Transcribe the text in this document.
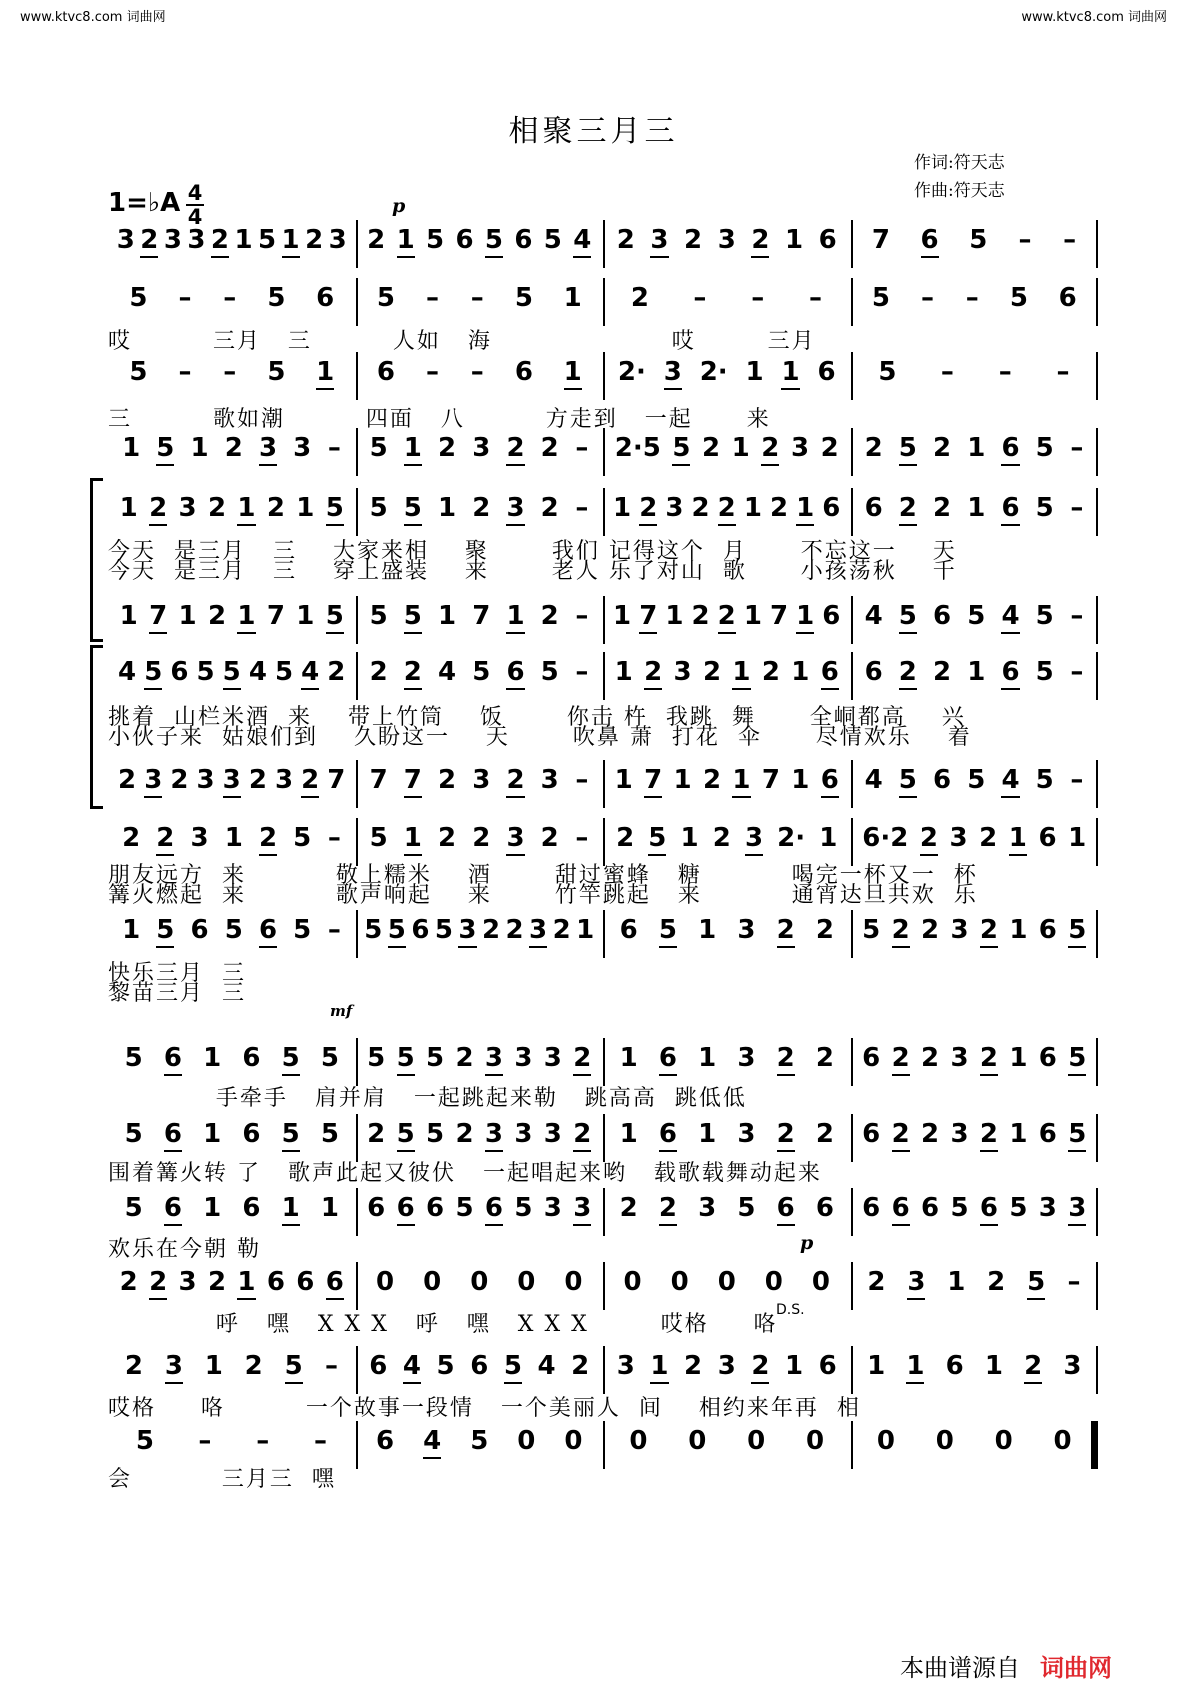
www.ktvc8.com 词曲网	www.ktvc8.com 词曲网
相聚三月三
作词:符天志
作曲:符天志
1=♭A 4
4	p
mf
p
D.S.
3 2 3 3 2 1 5 1 2 3 2 1 5 6 5 6 5 4 2 3 2 3 2 1 6 7 6 5 – –
5 – – 5 6 5 – – 5 1 2 – – – 5 – – 5 6
5 – – 5 1 6 – – 6 1 2· 3 2· 1 1 6 5 – – –
1 5 1 2 3 3 – 5 1 2 3 2 2 – 2·5 5 2 1 2 3 2 2 5 2 1 6 5 –
1 2 3 2 1 2 1 5 5 5 1 2 3 2 – 1 2 3 2 2 1 2 1 6 6 2 2 1 6 5 –
1 7 1 2 1 7 1 5 5 5 1 7 1 2 – 1 7 1 2 2 1 7 1 6 4 5 6 5 4 5 –
4 5 6 5 5 4 5 4 2 2 2 4 5 6 5 – 1 2 3 2 1 2 1 6 6 2 2 1 6 5 –
2 3 2 3 3 2 3 2 7 7 7 2 3 2 3 – 1 7 1 2 1 7 1 6 4 5 6 5 4 5 –
2 2 3 1 2 5 – 5 1 2 2 3 2 – 2 5 1 2 3 2· 1 6·2 2 3 2 1 6 1
1 5 6 5 6 5 – 5 5 6 5 3 2 2 3 2 1 6 5 1 3 2 2 5 2 2 3 2 1 6 5
5 6 1 6 5 5 5 5 5 2 3 3 3 2 1 6 1 3 2 2 6 2 2 3 2 1 6 5
5 6 1 6 5 5 2 5 5 2 3 3 3 2 1 6 1 3 2 2 6 2 2 3 2 1 6 5
5 6 1 6 1 1 6 6 6 5 6 5 3 3 2 2 3 5 6 6 6 6 6 5 6 5 3 3
2 2 3 2 1 6 6 6 0 0 0 0 0 0 0 0 0 0 2 3 1 2 5 –
2 3 1 2 5 – 6 4 5 6 5 4 2 3 1 2 3 2 1 6 1 1 6 1 2 3
5 – – – 6 4 5 0 0 0 0 0 0 0 0 0 0
哎         三月   三         人如   海                    哎        三月
三         歌如潮         四面   八         方走到   一起      来
今天  是三月   三    大家来相    聚       我们 记得这个  月      不忘这一    天
今天  是三月   三    穿上盛装    来       老人 乐了对山  歌      小孩荡秋    千
挑着  山栏米酒  来    带上竹筒    饭       你击 杵  我跳  舞      全峒都高    兴
小伙子来  姑娘们到    久盼这一    天       吹鼻 萧  打花  伞      尽情欢乐    着
朋友远方  来          敬上糯米    酒       甜过蜜蜂   糖          喝完一杯又一  杯
篝火燃起  来          歌声响起    来       竹竿跳起   来          通宵达旦共欢  乐
快乐三月  三
黎苗三月  三
手牵手   肩并肩   一起跳起来勒   跳高高  跳低低
围着篝火转 了   歌声此起又彼伏   一起唱起来哟   载歌载舞动起来
欢乐在今朝 勒
呼   嘿   X X X   呼   嘿   X X X        哎格     咯
哎格     咯         一个故事一段情   一个美丽人  间    相约来年再  相
会          三月三  嘿
本曲谱源自 词曲网
